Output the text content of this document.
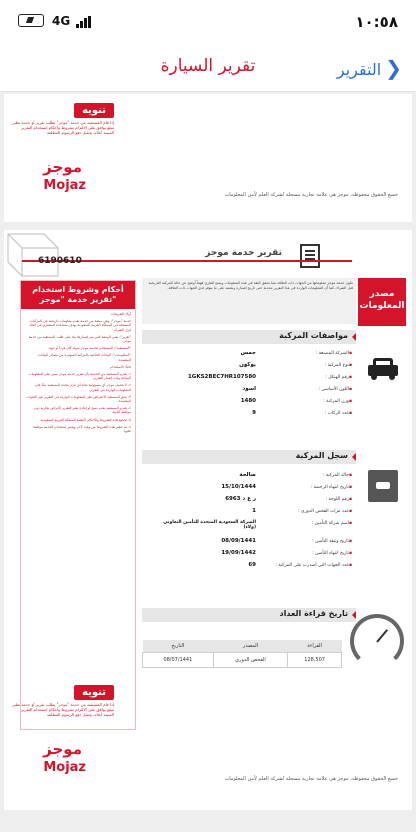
4G	١٠:٥٨
تقرير السيارة	التقرير ❯
تنويه
إذا قام المستفيد من خدمة "موجز" بطلب تقرير أو خدمة نظير مبلغ يوافق علي الالتزام بشروط وأحكام استخدام التقرير المبينة أعلاه، وتقبل دفع الرسوم المطلقة
موجز
Mojaz
جميع الحقوق محفوظة، موجز هي علامة تجارية مسجلة لشركة العلم لأمن المعلومات
تقرير خدمة موجز
6190610
أحكام وشروط استخدام تقرير خدمة "موجز"

أولاً: التعريفات

خدمة "موجز": وهي منصة من خدمة تقدم معلومات تاريخية عن المركبات المسجلة في المملكة العربية السعودية بهدف مساعدة المشتري في اتخاذ قرار الشراء.

"تقرير": يعني الوثيقة التي يتم إصدارها بناء على طلب المستفيد من خدمة موجز.

"المستفيد": المستخدم لخدمة موجز سواء كان فرداً أو جهة.

"المعلومات": البيانات الخاصة بالمركبة المتوفرة من مصادر البيانات المعتمدة.

ثانياً: الاستخدام

١- يلتزم المستفيد من الخدمة بأن تقرير خدمة موجز مبني على المعلومات المتاحة وقت إصدار التقرير.

٢- لا تتحمل موجز أي مسؤولية تجاه أي قرار يتخذه المستفيد بناءً على المعلومات الواردة في التقرير.

٣- يحق للمستفيد الاعتراض على المعلومات الواردة في التقرير عبر القنوات المعتمدة.

٤- يلتزم المستفيد بعدم نسخ أو إعادة نشر التقرير لأغراض تجارية دون موافقة كتابية.

٥- تخضع هذه الشروط والأحكام لأنظمة المملكة العربية السعودية.

٦- قد تتغير هذه الشروط من وقت لآخر ويعتبر استخدام الخدمة موافقة عليها.

مصدر المعلومات
تكون خدمة موجز معلوماتها من الجهات ذات العلاقة مما يحقق الثقة في هذه المعلومات ويمنح القارئ فهماً أوضح عن حالة المركبة التاريخية قبل الشراء، كما أن المعلومات الواردة في هذا التقرير محدثة حتى تاريخ إصداره وتعتمد على ما يتوفر لدى الجهات ذات العلاقة.
مواصفات المركبة
▪ الشركة المصنعة :
جمس
▪ نوع المركبة :
يوكون
▪ رقم الهيكل :
1GKS2BEC7HR107580
▪ اللون الأساسي :
اسود
▪ وزن المركبة :
1480
▪ عدد الركاب :
9
سجل المركبة
▪ حالة المركبة :
صالحة
▪ تاريخ انتهاء الرخصة :
15/10/1444
▪ رقم اللوحة :
ر ع د 6963
▪ عدد مرات الفحص الدوري :
1
▪ اسم شركة التأمين :
الشركة السعودية المتحدة للتأمين التعاوني (ولاء)
▪ تاريخ وثيقة التأمين :
08/09/1441
▪ تاريخ انتهاء التأمين :
19/09/1442
▪ عدد الجهات التي أصدرت على المركبة :
69
تاريخ قراءة العداد
التاريخ	المصدر	القراءة
08/07/1441	الفحص الدوري	128,507
تنويه
إذا قام المستفيد من خدمة "موجز" بطلب تقرير أو خدمة نظير مبلغ يوافق علي الالتزام بشروط وأحكام استخدام التقرير المبينة أعلاه، وتقبل دفع الرسوم المطلقة
موجز
Mojaz
جميع الحقوق محفوظة، موجز هي علامة تجارية مسجلة لشركة العلم لأمن المعلومات
